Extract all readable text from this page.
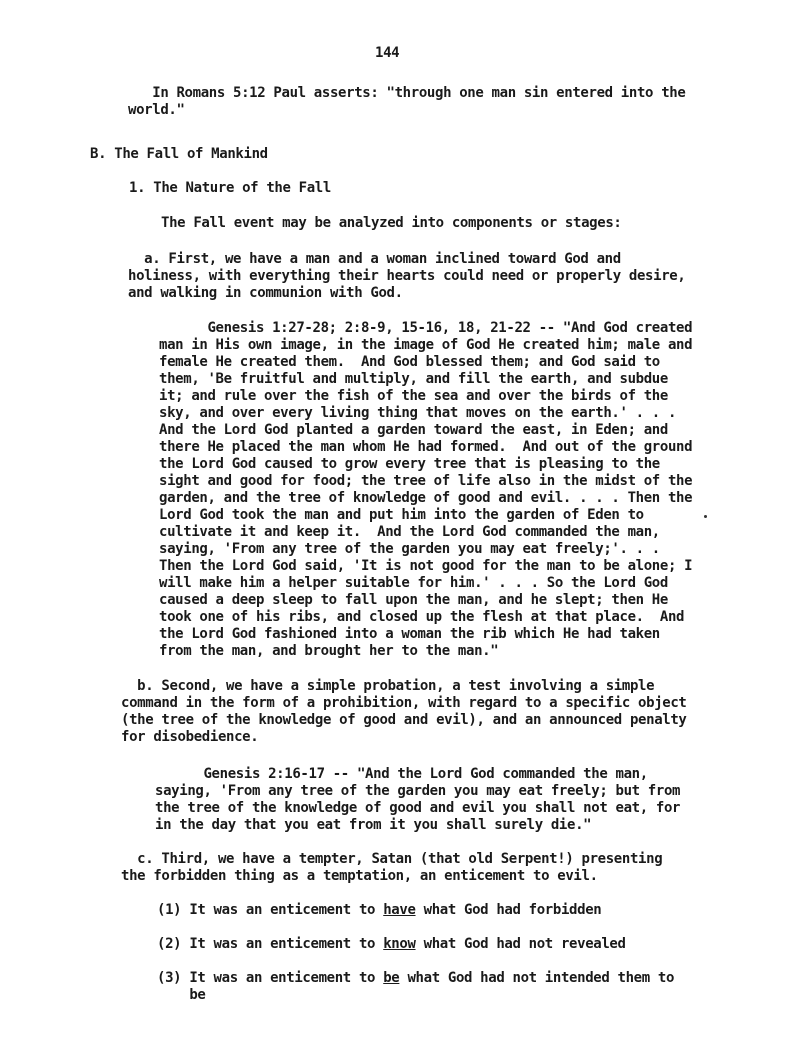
144

In Romans 5:12 Paul asserts: "through one man sin entered into the
world."

B. The Fall of Mankind

1. The Nature of the Fall

The Fall event may be analyzed into components or stages:

a. First, we have a man and a woman inclined toward God and
holiness, with everything their hearts could need or properly desire,
and walking in communion with God.

Genesis 1:27-28; 2:8-9, 15-16, 18, 21-22 -- "And God created
man in His own image, in the image of God He created him; male and
female He created them.  And God blessed them; and God said to
them, 'Be fruitful and multiply, and fill the earth, and subdue
it; and rule over the fish of the sea and over the birds of the
sky, and over every living thing that moves on the earth.' . . .
And the Lord God planted a garden toward the east, in Eden; and
there He placed the man whom He had formed.  And out of the ground
the Lord God caused to grow every tree that is pleasing to the
sight and good for food; the tree of life also in the midst of the
garden, and the tree of knowledge of good and evil. . . . Then the
Lord God took the man and put him into the garden of Eden to
cultivate it and keep it.  And the Lord God commanded the man,
saying, 'From any tree of the garden you may eat freely;'. . .
Then the Lord God said, 'It is not good for the man to be alone; I
will make him a helper suitable for him.' . . . So the Lord God
caused a deep sleep to fall upon the man, and he slept; then He
took one of his ribs, and closed up the flesh at that place.  And
the Lord God fashioned into a woman the rib which He had taken
from the man, and brought her to the man."

b. Second, we have a simple probation, a test involving a simple
command in the form of a prohibition, with regard to a specific object
(the tree of the knowledge of good and evil), and an announced penalty
for disobedience.

Genesis 2:16-17 -- "And the Lord God commanded the man,
saying, 'From any tree of the garden you may eat freely; but from
the tree of the knowledge of good and evil you shall not eat, for
in the day that you eat from it you shall surely die."

c. Third, we have a tempter, Satan (that old Serpent!) presenting
the forbidden thing as a temptation, an enticement to evil.

(1) It was an enticement to have what God had forbidden

(2) It was an enticement to know what God had not revealed

(3) It was an enticement to be what God had not intended them to
be
